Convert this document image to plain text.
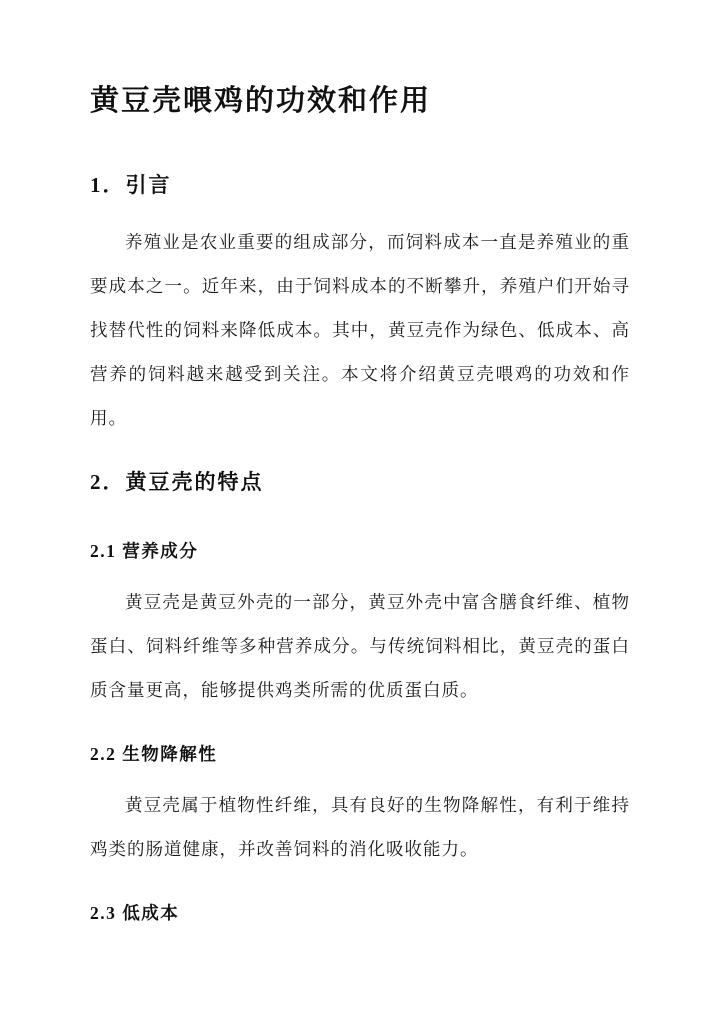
黄豆壳喂鸡的功效和作用
1．引言

养殖业是农业重要的组成部分，而饲料成本一直是养殖业的重要成本之一。近年来，由于饲料成本的不断攀升，养殖户们开始寻找替代性的饲料来降低成本。其中，黄豆壳作为绿色、低成本、高营养的饲料越来越受到关注。本文将介绍黄豆壳喂鸡的功效和作用。

2．黄豆壳的特点
2.1 营养成分

黄豆壳是黄豆外壳的一部分，黄豆外壳中富含膳食纤维、植物蛋白、饲料纤维等多种营养成分。与传统饲料相比，黄豆壳的蛋白质含量更高，能够提供鸡类所需的优质蛋白质。

2.2 生物降解性

黄豆壳属于植物性纤维，具有良好的生物降解性，有利于维持鸡类的肠道健康，并改善饲料的消化吸收能力。

2.3 低成本
